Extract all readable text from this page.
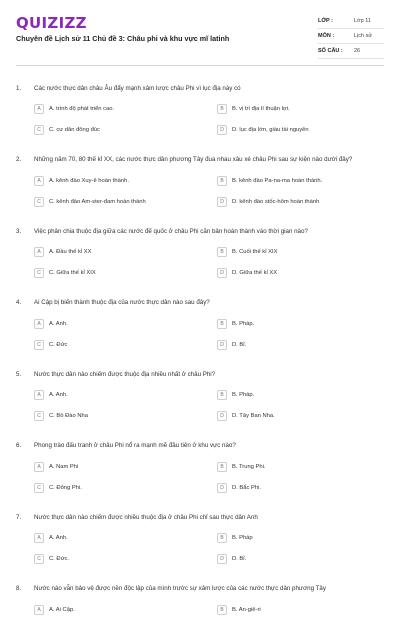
QUIZIZZ
Chuyên đề Lịch sử 11 Chủ đề 3: Châu phi và khu vực mĩ latinh
LỚP :	Lớp 11
MÔN :	Lịch sử
SỐ CÂU : 26
1.	Các nước thực dân châu Âu đẩy mạnh xâm lược châu Phi vì lục địa này có
A	A. trình độ phát triển cao.	B	B. vị trí địa lí thuận lợi.
C	C. cư dân đông đúc	D	D. lục địa lớn, giàu tài nguyên
2.	Những năm 70, 80 thế kỉ XX, các nước thực dân phương Tây đua nhau xâu xé châu Phi sau sự kiện nào dưới đây?
A	A. kênh đào Xuy-ê hoàn thành.	B	B. kênh đào Pa-na-ma hoàn thành.
C	C. kênh đào Am-ster-đam hoàn thành	D	D. kênh đào stốc-hôm hoàn thành
3.	Việc phân chia thuộc địa giữa các nước đế quốc ở châu Phi căn bản hoàn thành vào thời gian nào?
A	A. Đầu thế kỉ XX	B	B. Cuối thế kỉ XIX
C	C. Giữa thế kỉ XIX	D	D. Giữa thế kỉ XX
4.	Ai Cập bị biến thành thuộc địa của nước thực dân nào sau đây?
A	A. Anh.	B	B. Pháp.
C	C. Đức	D	D. Bỉ.
5.	Nước thực dân nào chiếm được thuộc địa nhiều nhất ở châu Phi?
A	A. Anh.	B	B. Pháp.
C	C. Bồ Đào Nha	D	D. Tây Ban Nha.
6.	Phong trào đấu tranh ở châu Phi nổ ra mạnh mẽ đầu tiên ở khu vực nào?
A	A. Nam Phi	B	B. Trung Phi.
C	C. Đông Phi.	D	D. Bắc Phi.
7.	Nước thực dân nào chiếm được nhiều thuộc địa ở châu Phi chỉ sau thực dân Anh
A	A. Anh.	B	B. Pháp
C	C. Đức.	D	D. Bỉ.
8.	Nước nào vẫn bảo vệ được nền độc lập của mình trước sự xâm lược của các nước thực dân phương Tây
A	A. Ai Cập.	B	B. An-giê-ri
